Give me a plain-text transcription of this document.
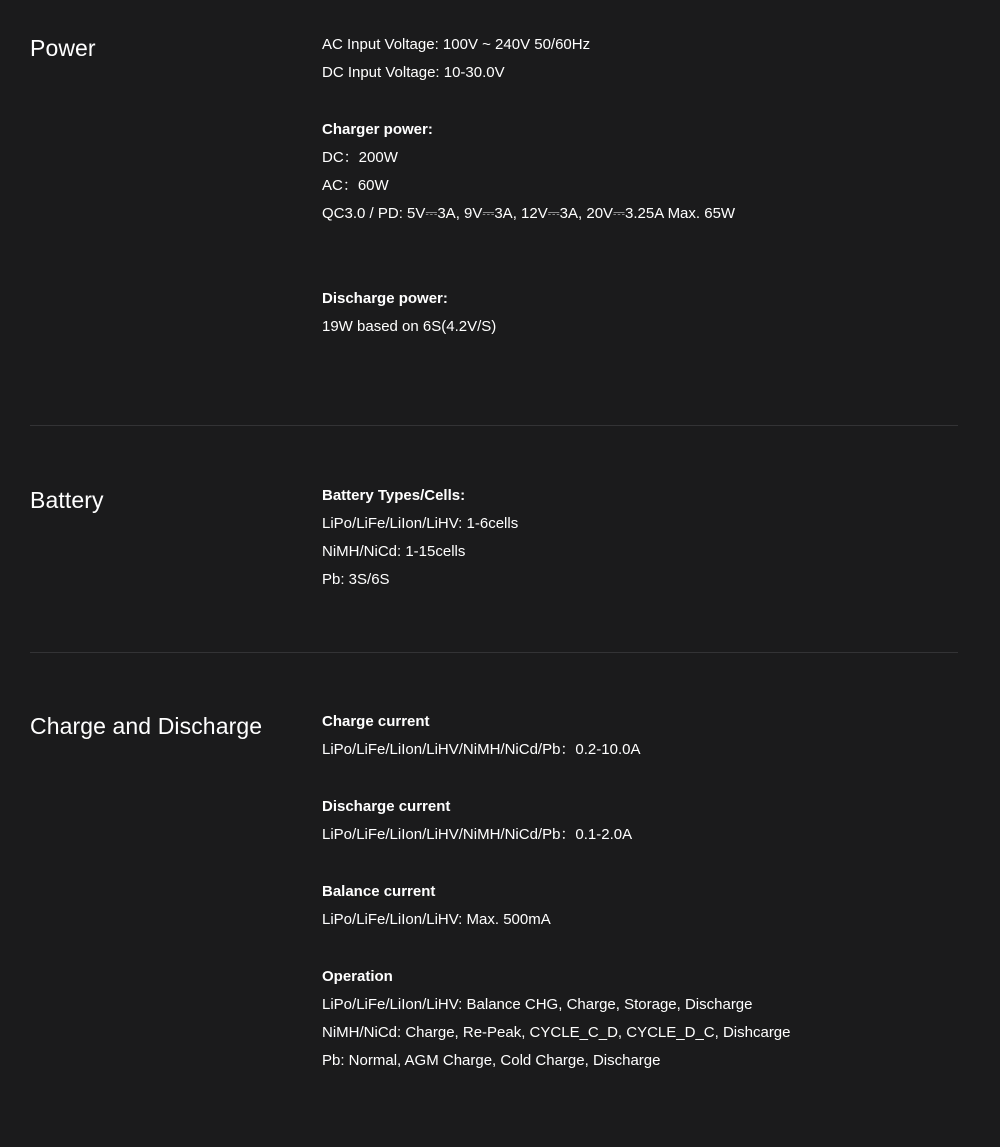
Power	AC Input Voltage: 100V ~ 240V 50/60Hz
DC Input Voltage: 10-30.0V
Charger power:
DC：200W
AC：60W
QC3.0 / PD: 5V⎓3A, 9V⎓3A, 12V⎓3A, 20V⎓3.25A Max. 65W
Discharge power:
19W based on 6S(4.2V/S)
Battery	Battery Types/Cells:
LiPo/LiFe/LiIon/LiHV: 1-6cells
NiMH/NiCd: 1-15cells
Pb: 3S/6S
Charge and Discharge	Charge current
LiPo/LiFe/LiIon/LiHV/NiMH/NiCd/Pb：0.2-10.0A
Discharge current
LiPo/LiFe/LiIon/LiHV/NiMH/NiCd/Pb：0.1-2.0A
Balance current
LiPo/LiFe/LiIon/LiHV: Max. 500mA
Operation
LiPo/LiFe/LiIon/LiHV: Balance CHG, Charge, Storage, Discharge
NiMH/NiCd: Charge, Re-Peak, CYCLE_C_D, CYCLE_D_C, Dishcarge
Pb: Normal, AGM Charge, Cold Charge, Discharge
